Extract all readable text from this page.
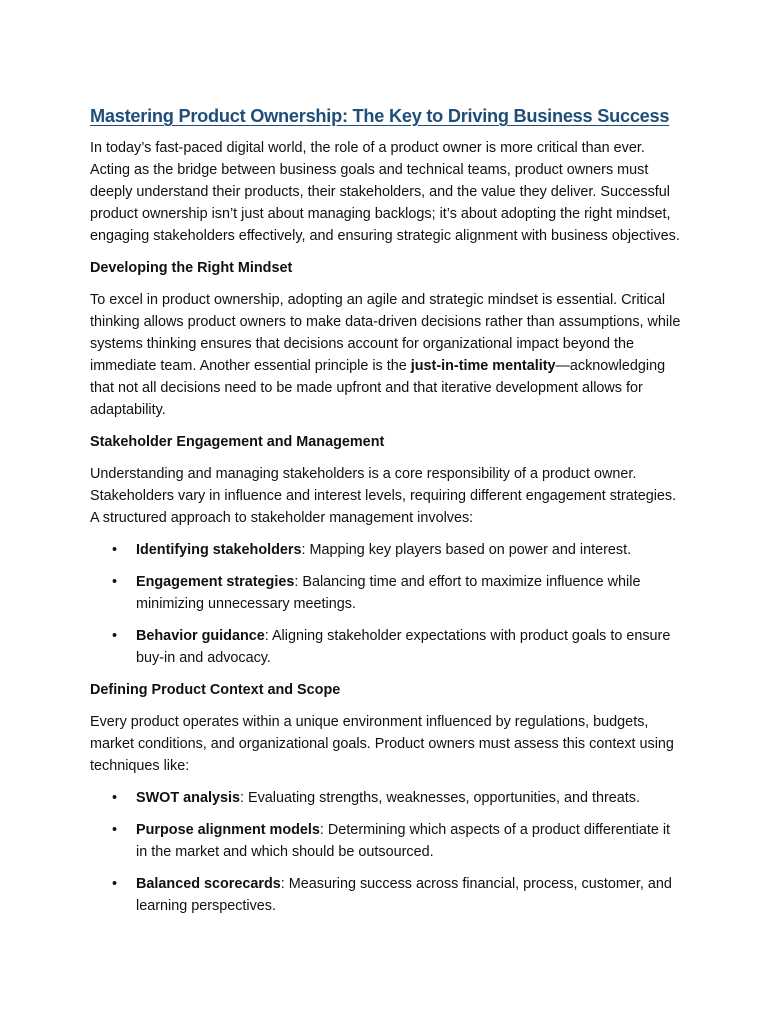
Mastering Product Ownership: The Key to Driving Business Success

In today’s fast-paced digital world, the role of a product owner is more critical than ever. Acting as the bridge between business goals and technical teams, product owners must deeply understand their products, their stakeholders, and the value they deliver. Successful product ownership isn’t just about managing backlogs; it’s about adopting the right mindset, engaging stakeholders effectively, and ensuring strategic alignment with business objectives.

Developing the Right Mindset

To excel in product ownership, adopting an agile and strategic mindset is essential. Critical thinking allows product owners to make data-driven decisions rather than assumptions, while systems thinking ensures that decisions account for organizational impact beyond the immediate team. Another essential principle is the just-in-time mentality—acknowledging that not all decisions need to be made upfront and that iterative development allows for adaptability.

Stakeholder Engagement and Management

Understanding and managing stakeholders is a core responsibility of a product owner. Stakeholders vary in influence and interest levels, requiring different engagement strategies. A structured approach to stakeholder management involves:

• Identifying stakeholders: Mapping key players based on power and interest.
• Engagement strategies: Balancing time and effort to maximize influence while minimizing unnecessary meetings.
• Behavior guidance: Aligning stakeholder expectations with product goals to ensure buy-in and advocacy.

Defining Product Context and Scope

Every product operates within a unique environment influenced by regulations, budgets, market conditions, and organizational goals. Product owners must assess this context using techniques like:

• SWOT analysis: Evaluating strengths, weaknesses, opportunities, and threats.
• Purpose alignment models: Determining which aspects of a product differentiate it in the market and which should be outsourced.
• Balanced scorecards: Measuring success across financial, process, customer, and learning perspectives.
